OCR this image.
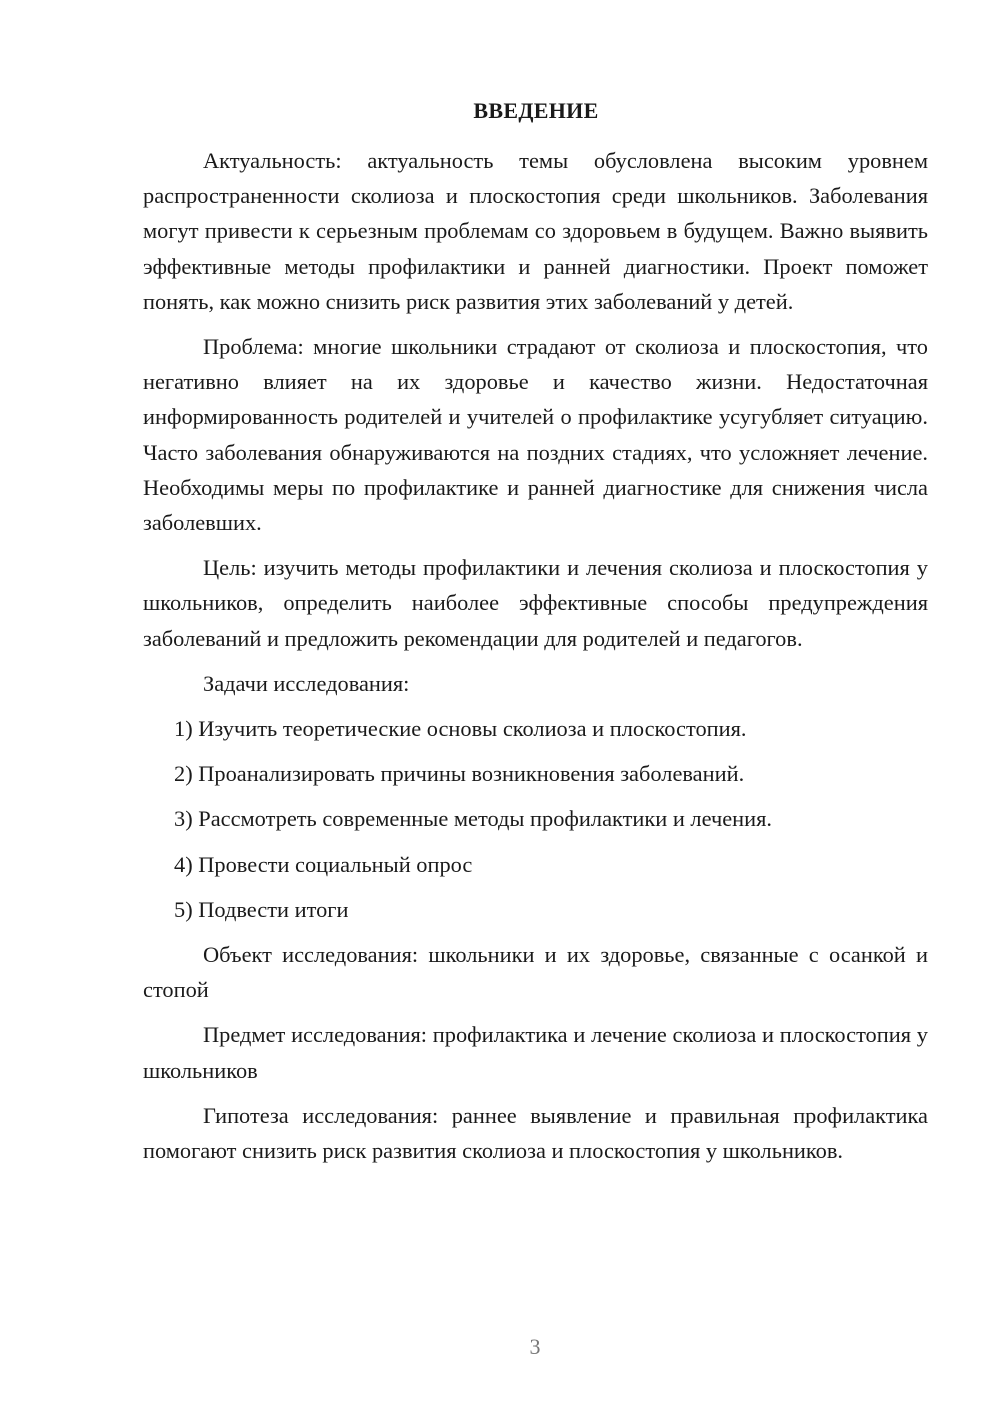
ВВЕДЕНИЕ

Актуальность: актуальность темы обусловлена высоким уровнем распространенности сколиоза и плоскостопия среди школьников. Заболевания могут привести к серьезным проблемам со здоровьем в будущем. Важно выявить эффективные методы профилактики и ранней диагностики. Проект поможет понять, как можно снизить риск развития этих заболеваний у детей.

Проблема: многие школьники страдают от сколиоза и плоскостопия, что негативно влияет на их здоровье и качество жизни. Недостаточная информированность родителей и учителей о профилактике усугубляет ситуацию. Часто заболевания обнаруживаются на поздних стадиях, что усложняет лечение. Необходимы меры по профилактике и ранней диагностике для снижения числа заболевших.

Цель: изучить методы профилактики и лечения сколиоза и плоскостопия у школьников, определить наиболее эффективные способы предупреждения заболеваний и предложить рекомендации для родителей и педагогов.

Задачи исследования:

1) Изучить теоретические основы сколиоза и плоскостопия.

2) Проанализировать причины возникновения заболеваний.

3) Рассмотреть современные методы профилактики и лечения.

4) Провести социальный опрос

5) Подвести итоги

Объект исследования: школьники и их здоровье, связанные с осанкой и стопой

Предмет исследования: профилактика и лечение сколиоза и плоскостопия у школьников

Гипотеза исследования: раннее выявление и правильная профилактика помогают снизить риск развития сколиоза и плоскостопия у школьников.

3
